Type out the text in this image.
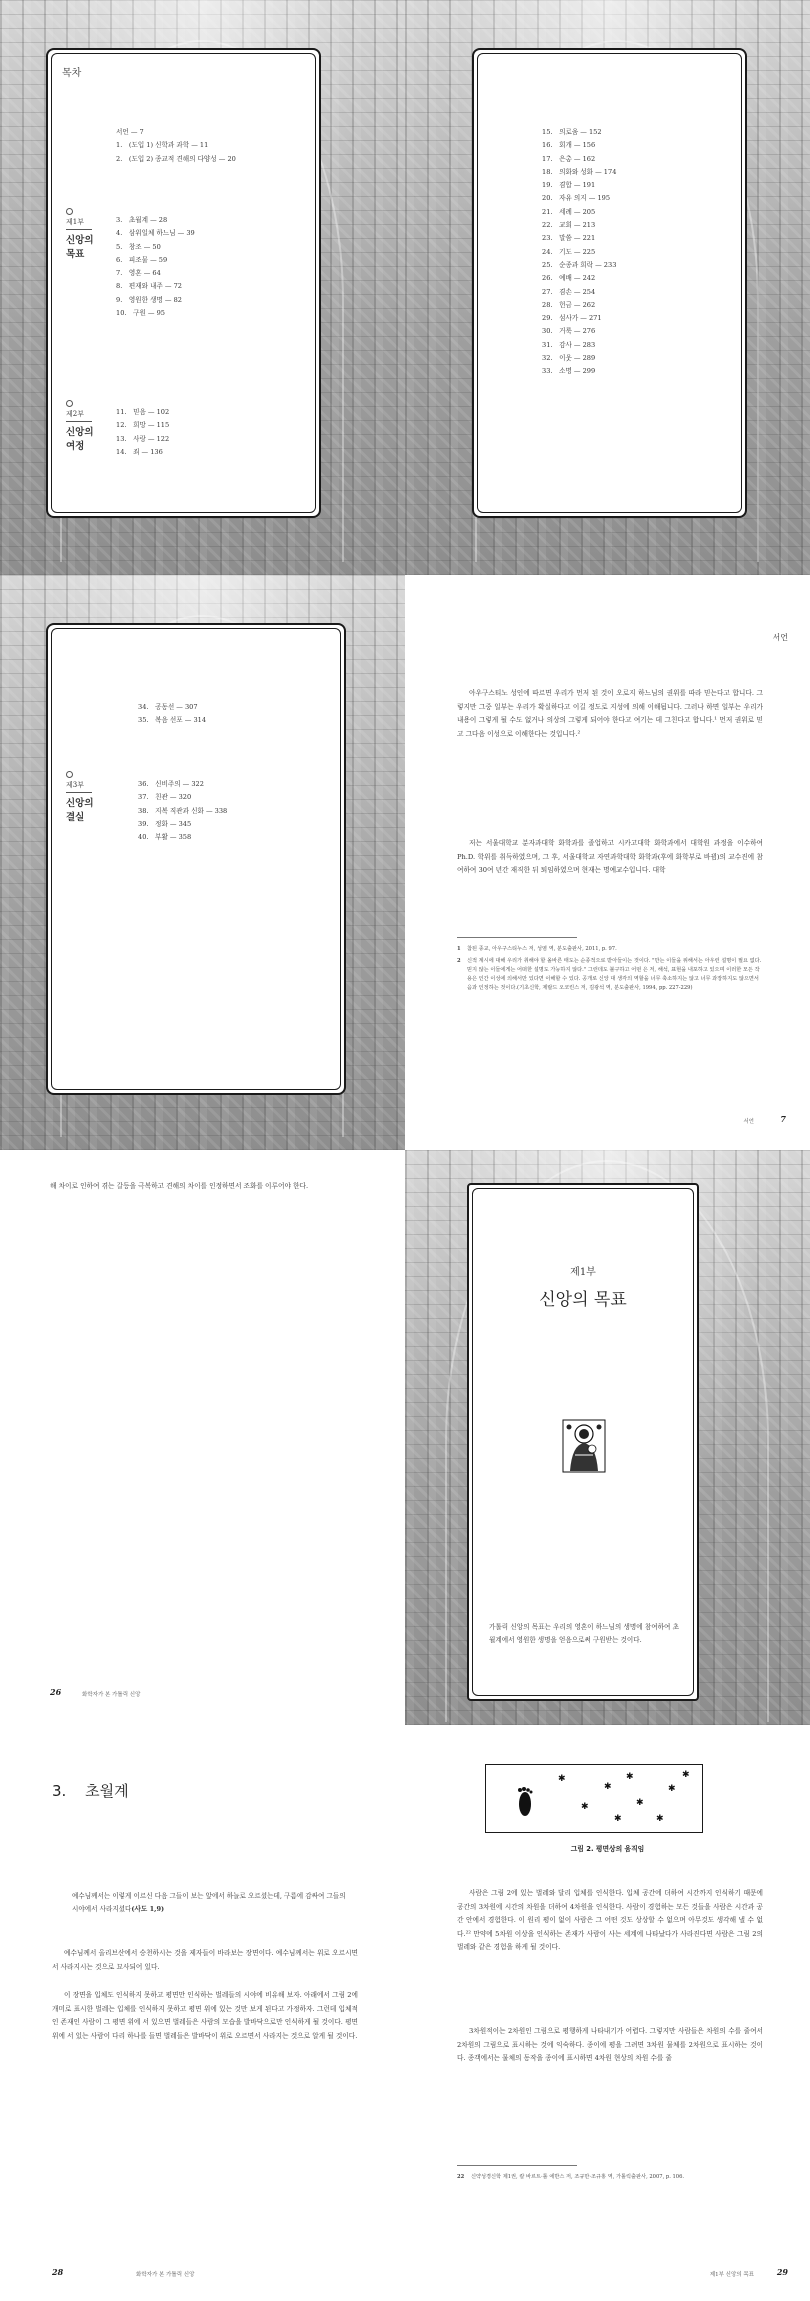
목차
서언 — 7
1.　(도입 1) 신학과 과학 — 11
2.　(도입 2) 종교적 견해의 다양성 — 20
제1부
신앙의 목표
3.　초월계 — 28
4.　삼위일체 하느님 — 39
5.　창조 — 50
6.　피조물 — 59
7.　영혼 — 64
8.　편재와 내주 — 72
9.　영원한 생명 — 82
10.　구원 — 95
제2부
신앙의 여정
11.　믿음 — 102
12.　희망 — 115
13.　사랑 — 122
14.　죄 — 136
15.　의로움 — 152
16.　회개 — 156
17.　은총 — 162
18.　의화와 성화 — 174
19.　겸합 — 191
20.　자유 의지 — 195
21.　세례 — 205
22.　교회 — 213
23.　말씀 — 221
24.　기도 — 225
25.　순종과 희락 — 233
26.　예배 — 242
27.　겸손 — 254
28.　헌금 — 262
29.　섬사가 — 271
30.　거룩 — 276
31.　감사 — 283
32.　이웃 — 289
33.　소명 — 299
34.　공동선 — 307
35.　복음 선포 — 314
제3부
신앙의 결실
36.　신비주의 — 322
37.　친관 — 320
38.　지복 직관과 신화 — 338
39.　정화 — 345
40.　부활 — 358
서언

아우구스티노 성인에 따르면 우리가 먼저 된 것이 오로지 하느님의 권위를 따라 믿는다고 합니다. 그렇지만 그중 일부는 우리가 확실하다고 이길 정도로 지성에 의해 이해됩니다. 그러나 하면 일부는 우리가 내용이 그렇게 될 수도 없거나 의상의 그렇게 되어야 한다고 여기는 데 그친다고 합니다.¹ 먼저 권위로 믿고 그다음 이성으로 이해한다는 것입니다.²

저는 서울대학교 분자과대학 화학과를 졸업하고 시카고대학 화학과에서 대학원 과정을 이수하여 Ph.D. 학위를 취득하였으며, 그 후, 서울대학교 자연과학대학 화학과(후에 화학부로 바뀜)의 교수진에 참여하여 30여 년간 재직한 뒤 퇴임하였으며 현재는 명예교수입니다. 대학

1 참된 종교, 아우구스티누스 저, 성염 역, 분도출판사, 2011, p. 97.
2 신적 계시에 대해 우리가 취해야 할 올바른 태도는 순종적으로 받아들이는 것이다. "만는 이들을 위해서는 아우런 설명이 필요 없다. 믿지 않는 이들에게는 어떠한 설명도 가능하지 않다." 그런데도 불구하고 어떤 은 저, 해석, 표현을 내포하고 있으며 이러한 모든 작용은 인간 이성에 의해서만 있다면 이해할 수 있다. 공개로 신앙 대 생각의 역할을 너무 축소하지는 않고 너무 과장하지도 않으면서 음과 인정하는 것이다.(기초신학, 제랄드 오코린스 저, 김광석 역, 분도출판사, 1994, pp. 227-229)
서언	7

해 차이로 인하여 겪는 갈등을 극복하고 견해의 차이를 인정하면서 조화를 이루어야 한다.

26	화학자가 본 가톨릭 신앙
제1부
신앙의 목표

가톨릭 신앙의 목표는 우리의 영혼이 하느님의 생명에 참여하여 초월계에서 영원한 생명을 얻음으로써 구원받는 것이다.

3. 초월계

예수님께서는 이렇게 이르신 다음 그들이 보는 앞에서 하늘로 오르셨는데, 구름에 감싸여 그들의 시야에서 사라지셨다(사도 1,9)

예수님께서 올리브산에서 승천하시는 것을 제자들이 바라보는 장면이다. 예수님께서는 위로 오르시면서 사라지시는 것으로 묘사되어 있다.

이 장면을 입체도 인식하지 못하고 평면만 인식하는 벌레들의 시야에 비유해 보자. 아래에서 그림 2에 개미로 표시한 벌레는 입체를 인식하지 못하고 평면 위에 있는 것만 보게 된다고 가정하자. 그런데 입체적인 존재인 사람이 그 평면 위에 서 있으면 벌레들은 사람의 모습을 발바닥으로만 인식하게 될 것이다. 평면 위에 서 있는 사람이 다리 하나를 들면 벌레들은 발바닥이 위로 오르면서 사라지는 것으로 알게 될 것이다.

28	화학자가 본 가톨릭 신앙
✱
✱
✱
✱
✱
✱
✱
✱
✱
그림 2. 평면상의 움직임

사람은 그림 2에 있는 벌레와 달리 입체를 인식한다. 입체 공간에 더하여 시간까지 인식하기 때문에 공간의 3차원에 시간의 차원을 더하여 4차원을 인식한다. 사람이 경험하는 모든 것들을 사람은 시간과 공간 안에서 경험한다. 이 원리 평이 없이 사람은 그 어떤 것도 상상할 수 없으며 아무것도 생각해 낼 수 없다.²² 만약에 5차원 이상을 인식하는 존재가 사람이 사는 세계에 나타났다가 사라진다면 사람은 그림 2의 벌레와 같은 경험을 하게 될 것이다.

3차원적이는 2차원인 그림으로 평행하게 나타내기가 어렵다. 그렇지만 사람들은 차원의 수를 줄여서 2차원의 그림으로 표시하는 것에 익숙하다. 종이에 평을 그려면 3차원 물체를 2차원으로 표시하는 것이다. 종객에서는 물체의 동작을 종이에 표시하면 4차원 현상의 차원 수를 줄

22 신약성경신학 제1권, 칼 바르트·톨 에반스 저, 조규만·조규홍 역, 가톨릭출판사, 2007, p. 106.
제1부 신앙의 목표	29
